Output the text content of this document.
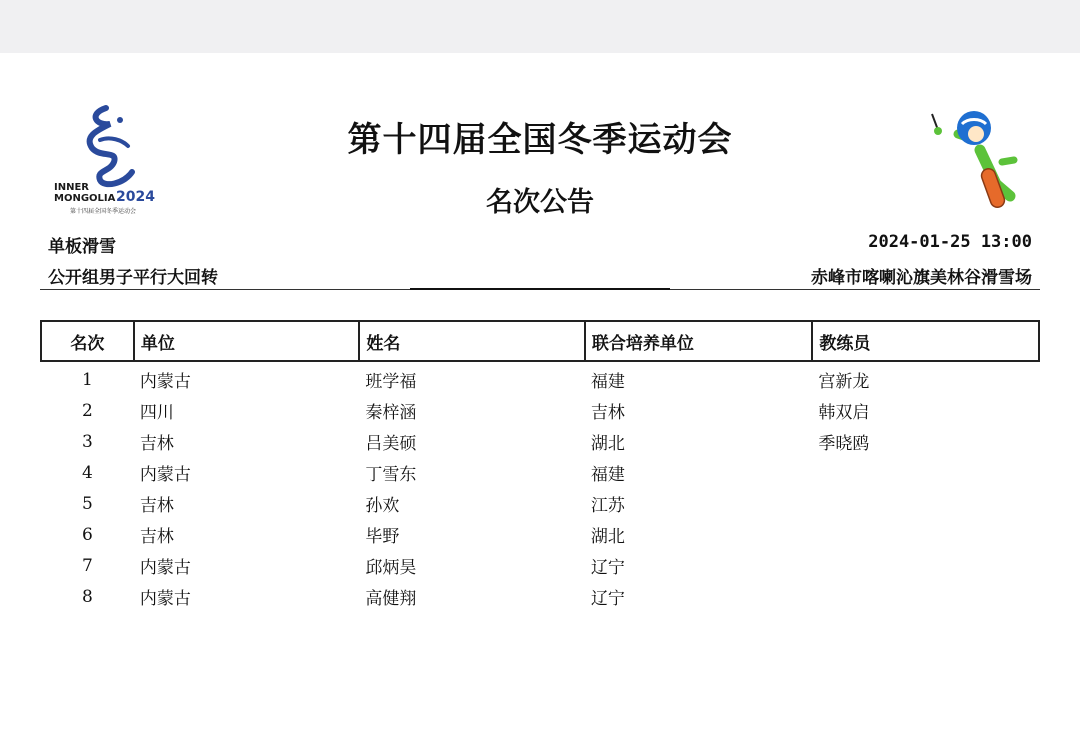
INNER
MONGOLIA 2024
第十四届全国冬季运动会
第十四届全国冬季运动会
名次公告
单板滑雪
公开组男子平行大回转
2024-01-25 13:00
赤峰市喀喇沁旗美林谷滑雪场
名次	单位	姓名	联合培养单位	教练员
1	内蒙古	班学福	福建	宫新龙
2	四川	秦梓涵	吉林	韩双启
3	吉林	吕美硕	湖北	季晓鸥
4	内蒙古	丁雪东	福建	
5	吉林	孙欢	江苏	
6	吉林	毕野	湖北	
7	内蒙古	邱炳昊	辽宁	
8	内蒙古	高健翔	辽宁	
